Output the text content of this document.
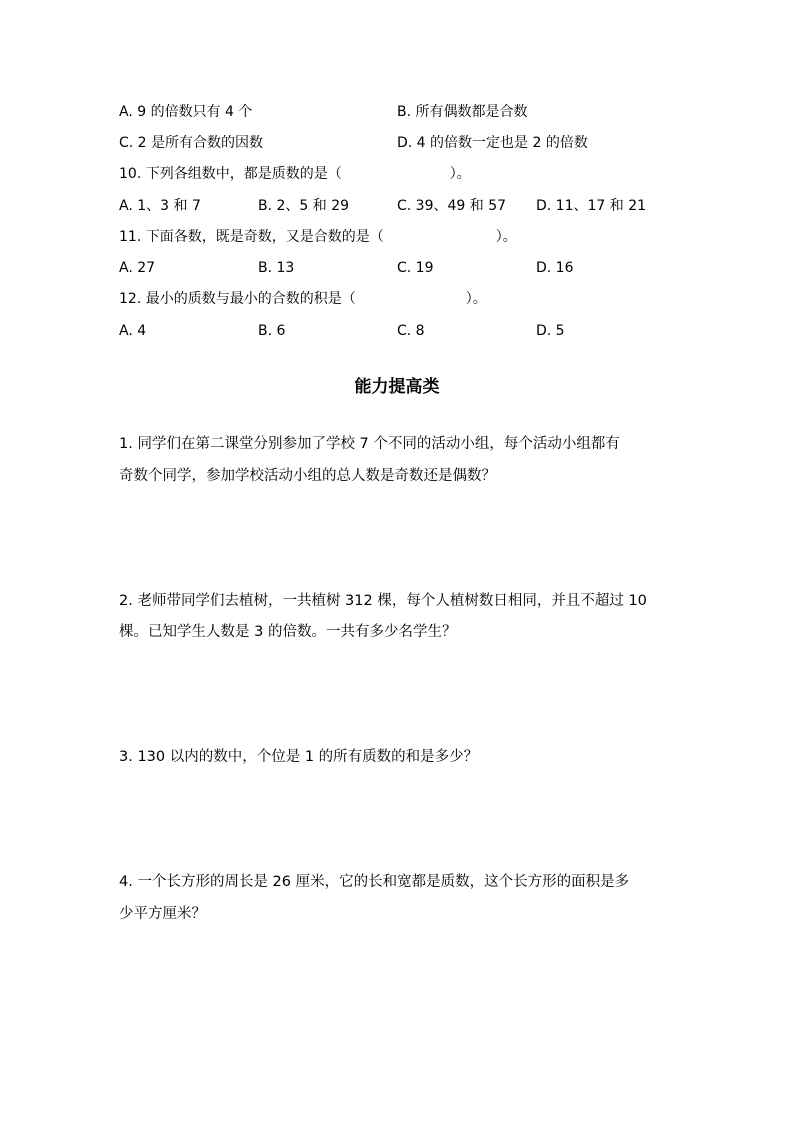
A. 9 的倍数只有 4 个	B. 所有偶数都是合数
C. 2 是所有合数的因数	D. 4 的倍数一定也是 2 的倍数
10. 下列各组数中，都是质数的是（	）。
A. 1、3 和 7	B. 2、5 和 29	C. 39、49 和 57 D. 11、17 和 21
11. 下面各数，既是奇数，又是合数的是（	）。
A. 27	B. 13	C. 19	D. 16
12. 最小的质数与最小的合数的积是（	）。
A. 4	B. 6	C. 8	D. 5
能力提高类
1. 同学们在第二课堂分别参加了学校 7 个不同的活动小组，每个活动小组都有
奇数个同学，参加学校活动小组的总人数是奇数还是偶数？
2. 老师带同学们去植树，一共植树 312 棵，每个人植树数日相同，并且不超过 10
棵。已知学生人数是 3 的倍数。一共有多少名学生？
3. 130 以内的数中，个位是 1 的所有质数的和是多少？
4. 一个长方形的周长是 26 厘米，它的长和宽都是质数，这个长方形的面积是多
少平方厘米？
